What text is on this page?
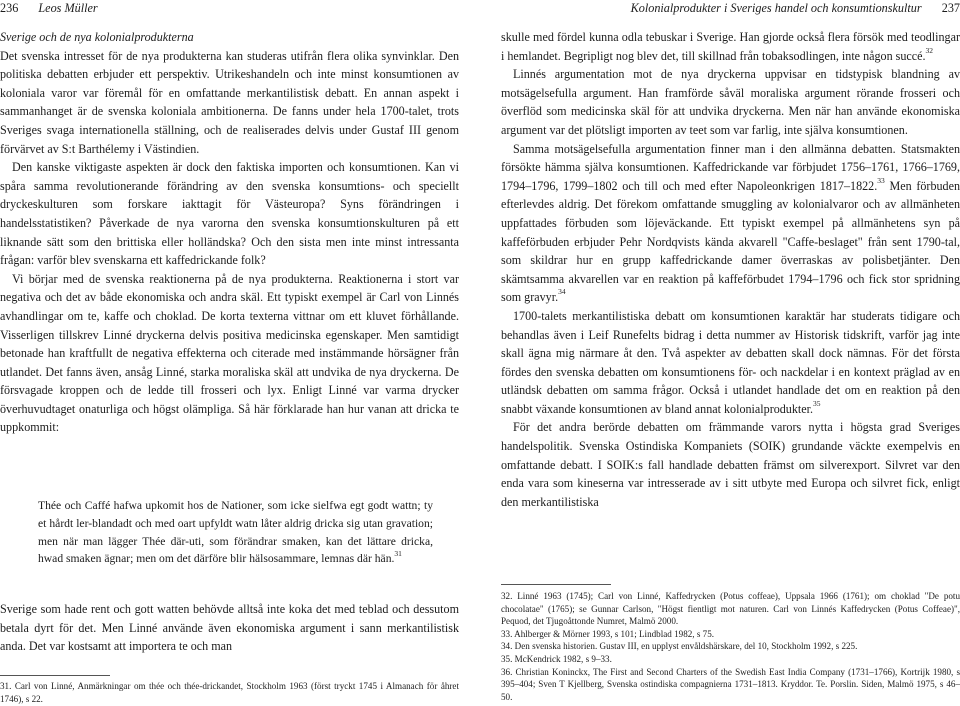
236 Leos Müller

Sverige och de nya kolonialprodukterna

Det svenska intresset för de nya produkterna kan studeras utifrån flera olika synvinklar. Den politiska debatten erbjuder ett perspektiv. Utrikeshandeln och inte minst konsumtionen av koloniala varor var föremål för en omfattande merkantilistisk debatt. En annan aspekt i sammanhanget är de svenska koloniala ambitionerna. De fanns under hela 1700-talet, trots Sveriges svaga internationella ställning, och de realiserades delvis under Gustaf III genom förvärvet av S:t Barthélemy i Västindien.

Den kanske viktigaste aspekten är dock den faktiska importen och konsumtionen. Kan vi spåra samma revolutionerande förändring av den svenska konsumtions- och speciellt dryckeskulturen som forskare iakttagit för Västeuropa? Syns förändringen i handelsstatistiken? Påverkade de nya varorna den svenska konsumtionskulturen på ett liknande sätt som den brittiska eller holländska? Och den sista men inte minst intressanta frågan: varför blev svenskarna ett kaffedrickande folk?

Vi börjar med de svenska reaktionerna på de nya produkterna. Reaktionerna i stort var negativa och det av både ekonomiska och andra skäl. Ett typiskt exempel är Carl von Linnés avhandlingar om te, kaffe och choklad. De korta texterna vittnar om ett kluvet förhållande. Visserligen tillskrev Linné dryckerna delvis positiva medicinska egenskaper. Men samtidigt betonade han kraftfullt de negativa effekterna och citerade med instämmande hörsägner från utlandet. Det fanns även, ansåg Linné, starka moraliska skäl att undvika de nya dryckerna. De försvagade kroppen och de ledde till frosseri och lyx. Enligt Linné var varma drycker överhuvudtaget onaturliga och högst olämpliga. Så här förklarade han hur vanan att dricka te uppkommit:

Thée och Caffé hafwa upkomit hos de Nationer, som icke sielfwa egt godt wattn; ty et hårdt ler-blandadt och med oart upfyldt watn låter aldrig dricka sig utan gravation; men när man lägger Thée där-uti, som förändrar smaken, kan det lättare dricka, hwad smaken ägnar; men om det därföre blir hälsosammare, lemnas där hän.$^{31}$

Sverige som hade rent och gott watten behövde alltså inte koka det med teblad och dessutom betala dyrt för det. Men Linné använde även ekonomiska argument i sann merkantilistisk anda. Det var kostsamt att importera te och man

31. Carl von Linné, Anmärkningar om thée och thée-drickandet, Stockholm 1963 (först tryckt 1745 i Almanach för åhret 1746), s 22.

Kolonialprodukter i Sveriges handel och konsumtionskultur 237

skulle med fördel kunna odla tebuskar i Sverige. Han gjorde också flera försök med teodlingar i hemlandet. Begripligt nog blev det, till skillnad från tobaksodlingen, inte någon succé.$^{32}$

Linnés argumentation mot de nya dryckerna uppvisar en tidstypisk blandning av motsägelsefulla argument. Han framförde såväl moraliska argument rörande frosseri och överflöd som medicinska skäl för att undvika dryckerna. Men när han använde ekonomiska argument var det plötsligt importen av teet som var farlig, inte själva konsumtionen.

Samma motsägelsefulla argumentation finner man i den allmänna debatten. Statsmakten försökte hämma själva konsumtionen. Kaffedrickande var förbjudet 1756–1761, 1766–1769, 1794–1796, 1799–1802 och till och med efter Napoleonkrigen 1817–1822.33 Men förbuden efterlevdes aldrig. Det förekom omfattande smuggling av kolonialvaror och av allmänheten uppfattades förbuden som löjeväckande. Ett typiskt exempel på allmänhetens syn på kaffeförbuden erbjuder Pehr Nordqvists kända akvarell "Caffe-beslaget" från sent 1790-tal, som skildrar hur en grupp kaffedrickande damer överraskas av polisbetjänter. Den skämtsamma akvarellen var en reaktion på kaffeförbudet 1794–1796 och fick stor spridning som gravyr.$^{34}$

1700-talets merkantilistiska debatt om konsumtionen karaktär har studerats tidigare och behandlas även i Leif Runefelts bidrag i detta nummer av Historisk tidskrift, varför jag inte skall ägna mig närmare åt den. Två aspekter av debatten skall dock nämnas. För det första fördes den svenska debatten om konsumtionens för- och nackdelar i en kontext präglad av en utländsk debatten om samma frågor. Också i utlandet handlade det om en reaktion på den snabbt växande konsumtionen av bland annat kolonialprodukter.$^{35}$

För det andra berörde debatten om främmande varors nytta i högsta grad Sveriges handelspolitik. Svenska Ostindiska Kompaniets (SOIK) grundande väckte exempelvis en omfattande debatt. I SOIK:s fall handlade debatten främst om silverexport. Silvret var den enda vara som kineserna var intresserade av i sitt utbyte med Europa och silvret fick, enligt den merkantilistiska

32. Linné 1963 (1745); Carl von Linné, Kaffedrycken (Potus coffeae), Uppsala 1966 (1761); om choklad "De potu chocolatae" (1765); se Gunnar Carlson, "Högst fientligt mot naturen. Carl von Linnés Kaffedrycken (Potus Coffeae)", Pequod, det Tjugoåttonde Numret, Malmö 2000.

33. Ahlberger & Mörner 1993, s 101; Lindblad 1982, s 75.

34. Den svenska historien. Gustav III, en upplyst envåldshärskare, del 10, Stockholm 1992, s 225.

35. McKendrick 1982, s 9–33.

36. Christian Koninckx, The First and Second Charters of the Swedish East India Company (1731–1766), Kortrijk 1980, s 395–404; Sven T Kjellberg, Svenska ostindiska compagnierna 1731–1813. Kryddor. Te. Porslin. Siden, Malmö 1975, s 46–50.
